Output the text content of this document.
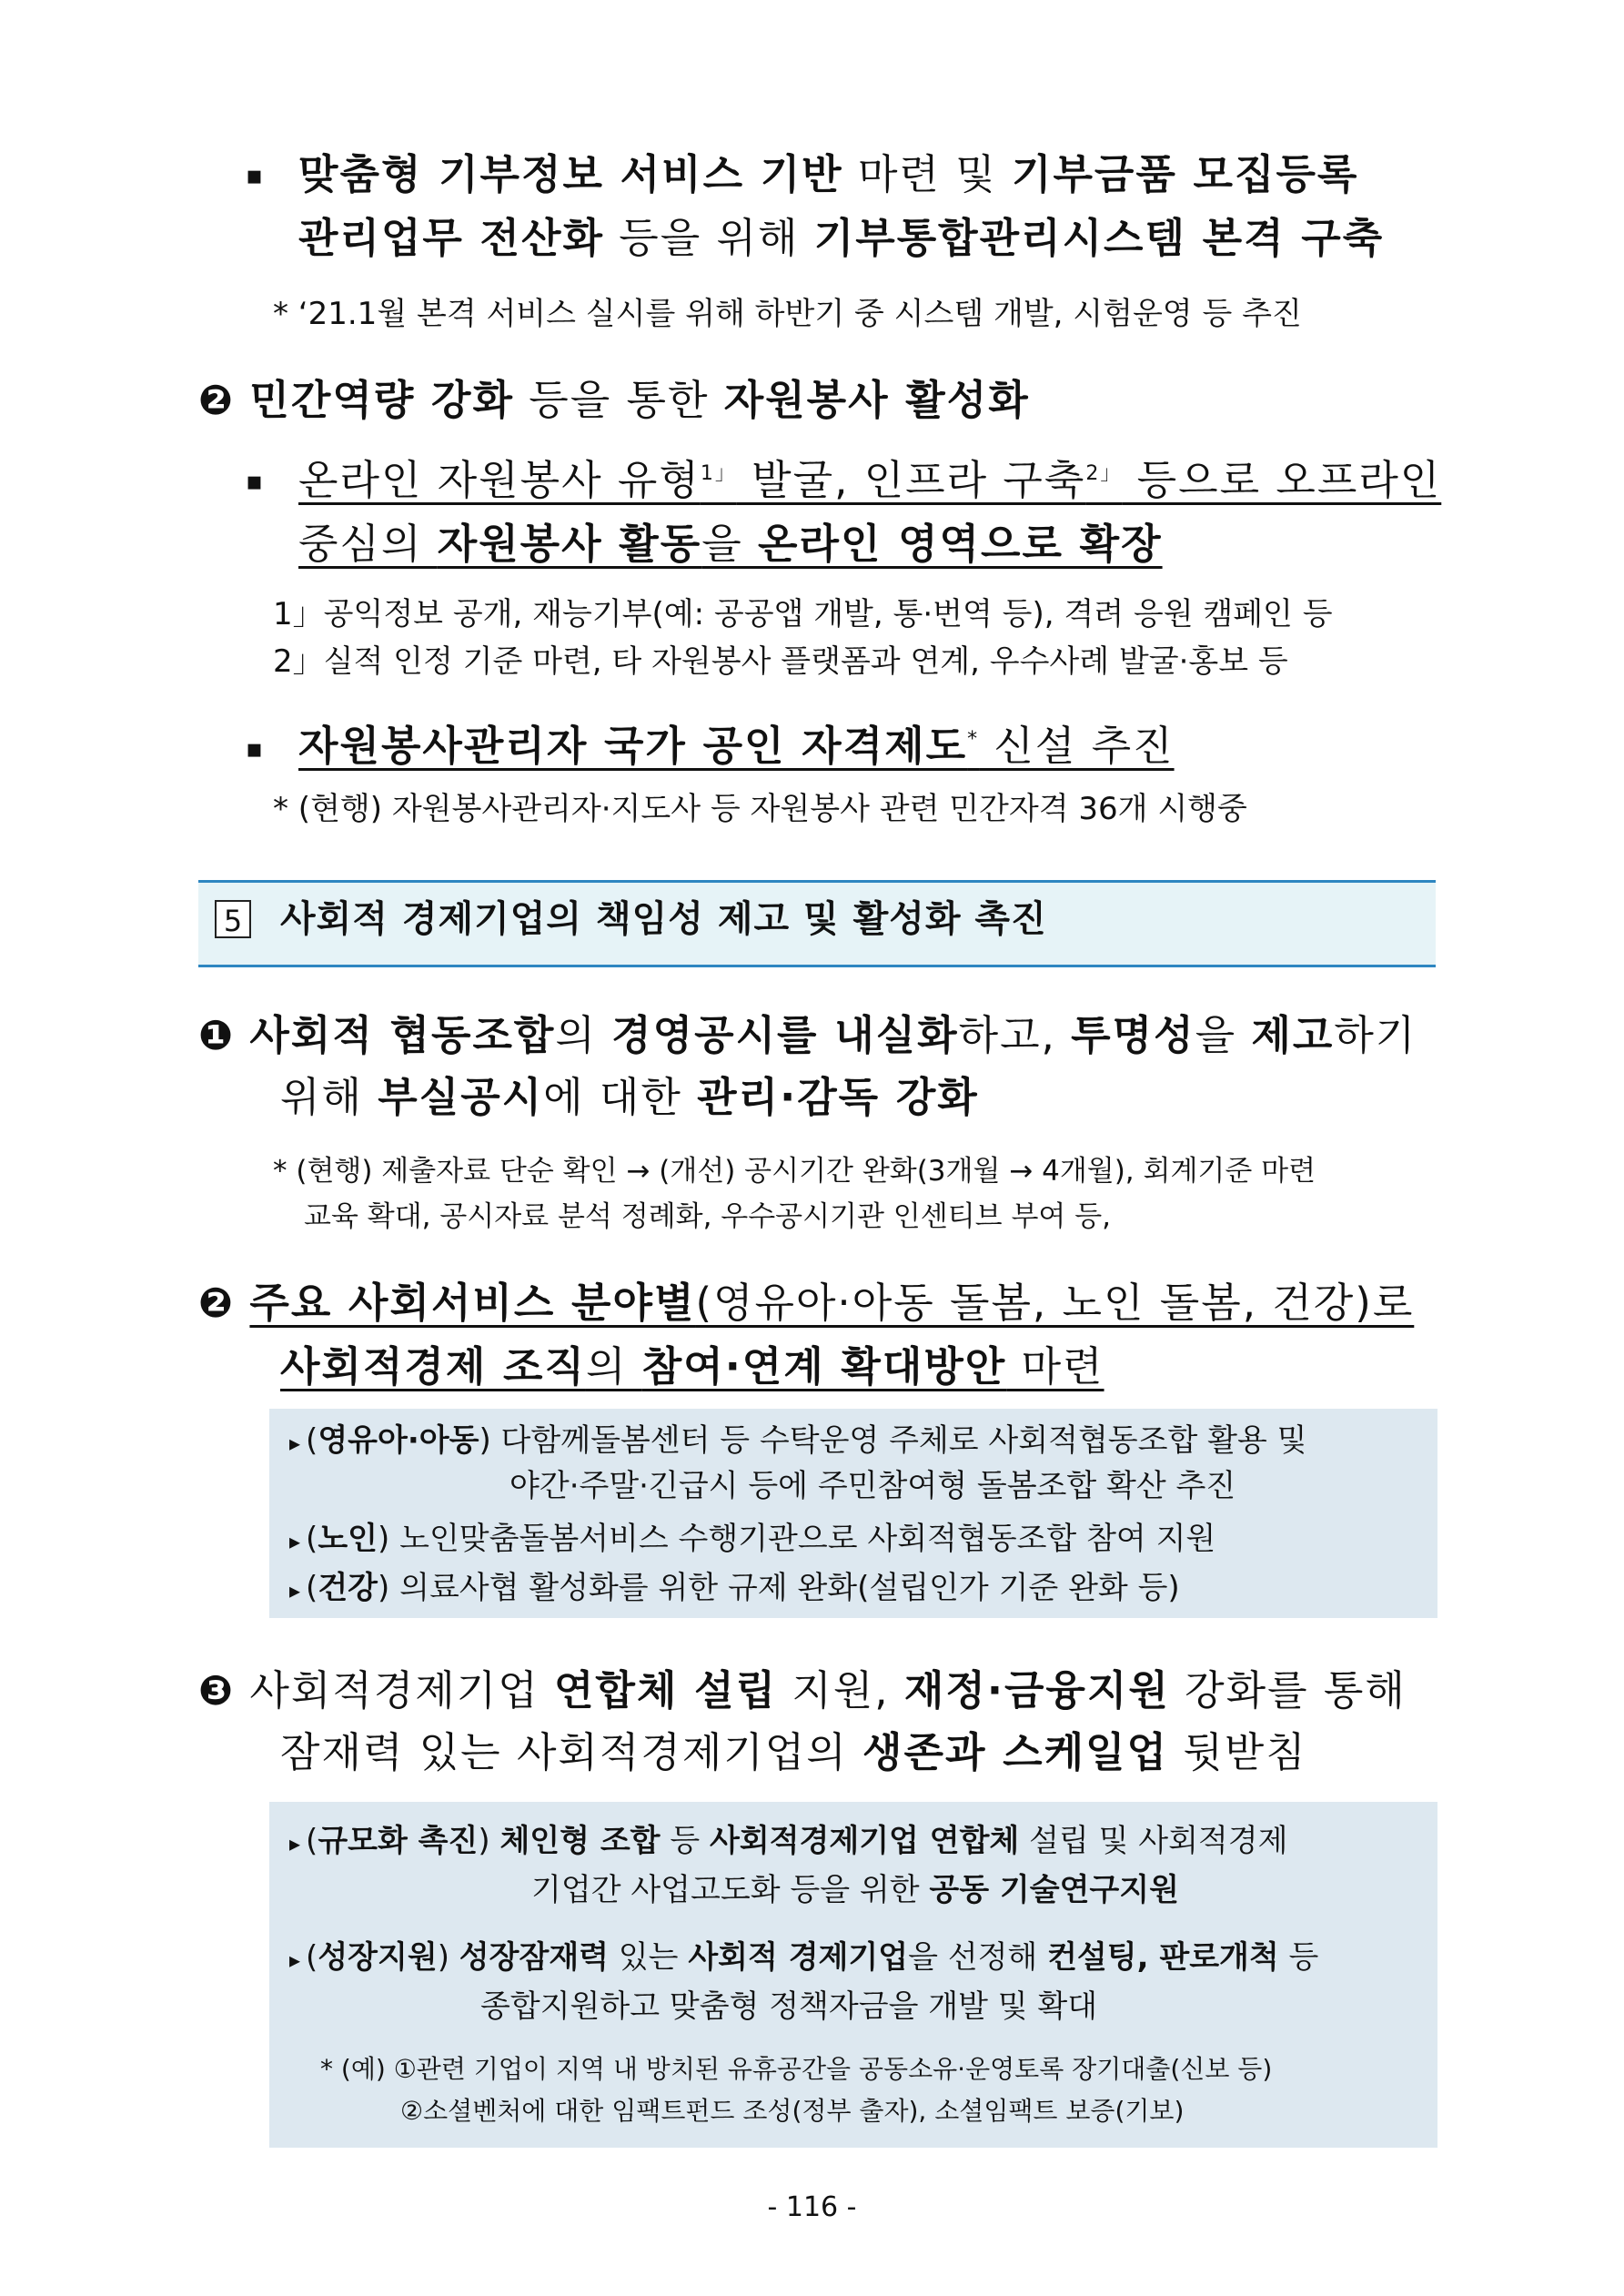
▪ 맞춤형 기부정보 서비스 기반 마련 및 기부금품 모집등록
관리업무 전산화 등을 위해 기부통합관리시스템 본격 구축
* ‘21.1월 본격 서비스 실시를 위해 하반기 중 시스템 개발, 시험운영 등 추진
❷ 민간역량 강화 등을 통한 자원봉사 활성화
▪ 온라인 자원봉사 유형$^{1」}$ 발굴, 인프라 구축$^{2」}$ 등으로 오프라인
중심의 자원봉사 활동을 온라인 영역으로 확장
1」공익정보 공개, 재능기부(예: 공공앱 개발, 통·번역 등), 격려 응원 캠페인 등
2」실적 인정 기준 마련, 타 자원봉사 플랫폼과 연계, 우수사례 발굴·홍보 등
▪ 자원봉사관리자 국가 공인 자격제도* 신설 추진
* (현행) 자원봉사관리자·지도사 등 자원봉사 관련 민간자격 36개 시행중
5 사회적 경제기업의 책임성 제고 및 활성화 촉진
❶ 사회적 협동조합의 경영공시를 내실화하고, 투명성을 제고하기
위해 부실공시에 대한 관리·감독 강화
* (현행) 제출자료 단순 확인 → (개선) 공시기간 완화(3개월 → 4개월), 회계기준 마련
교육 확대, 공시자료 분석 정례화, 우수공시기관 인센티브 부여 등,
❷ 주요 사회서비스 분야별(영유아·아동 돌봄, 노인 돌봄, 건강)로
사회적경제 조직의 참여·연계 확대방안 마련
▸ (영유아·아동) 다함께돌봄센터 등 수탁운영 주체로 사회적협동조합 활용 및
야간·주말·긴급시 등에 주민참여형 돌봄조합 확산 추진
▸ (노인) 노인맞춤돌봄서비스 수행기관으로 사회적협동조합 참여 지원
▸ (건강) 의료사협 활성화를 위한 규제 완화(설립인가 기준 완화 등)
❸ 사회적경제기업 연합체 설립 지원, 재정·금융지원 강화를 통해
잠재력 있는 사회적경제기업의 생존과 스케일업 뒷받침
▸ (규모화 촉진) 체인형 조합 등 사회적경제기업 연합체 설립 및 사회적경제
기업간 사업고도화 등을 위한 공동 기술연구지원
▸ (성장지원) 성장잠재력 있는 사회적 경제기업을 선정해 컨설팅, 판로개척 등
종합지원하고 맞춤형 정책자금을 개발 및 확대
* (예) ①관련 기업이 지역 내 방치된 유휴공간을 공동소유·운영토록 장기대출(신보 등)
②소셜벤처에 대한 임팩트펀드 조성(정부 출자), 소셜임팩트 보증(기보)
- 116 -
